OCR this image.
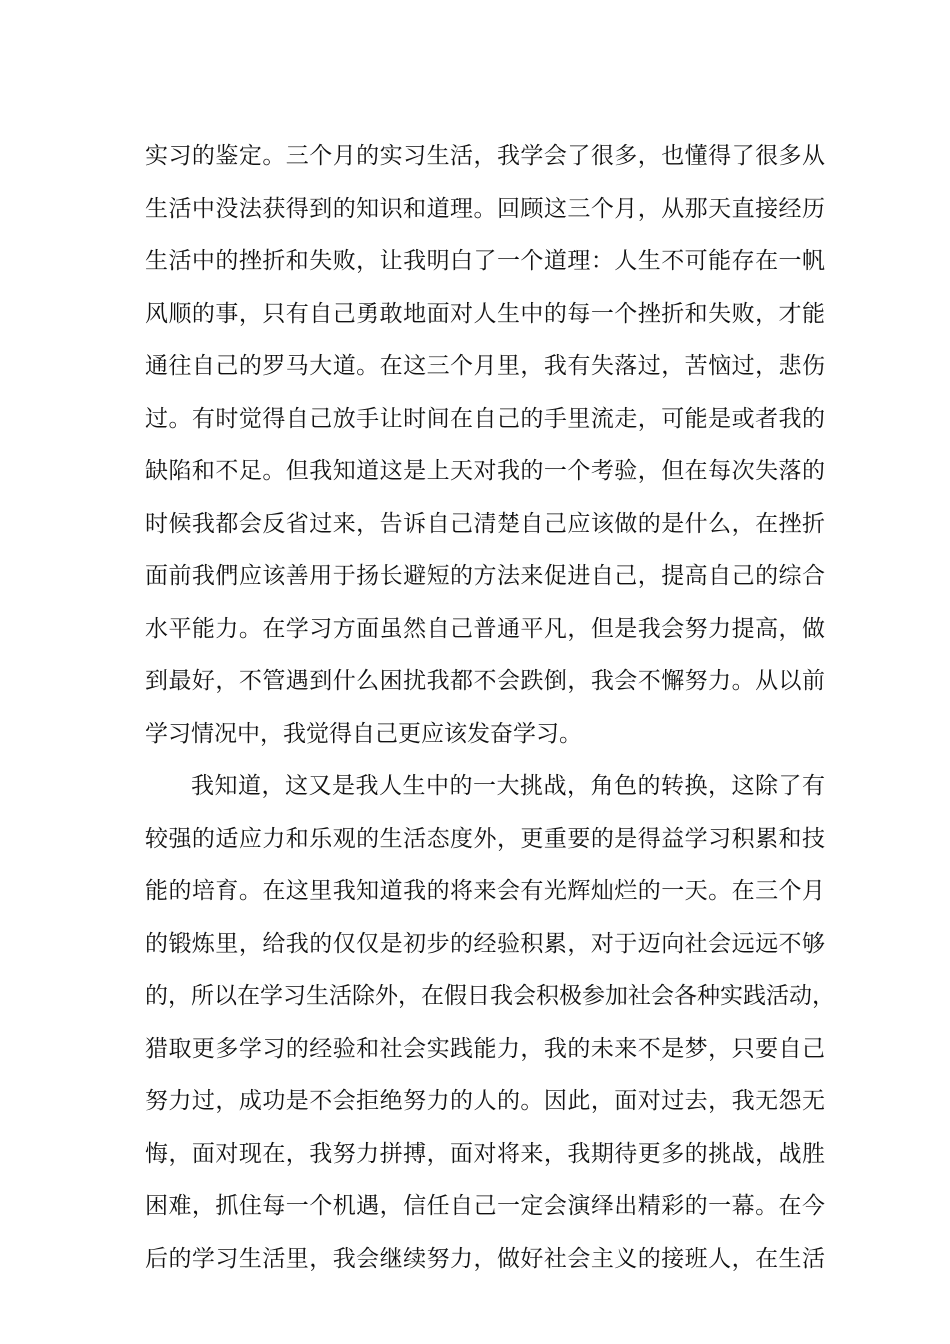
实习的鉴定。三个月的实习生活，我学会了很多，也懂得了很多从
生活中没法获得到的知识和道理。回顾这三个月，从那天直接经历
生活中的挫折和失败，让我明白了一个道理：人生不可能存在一帆
风顺的事，只有自己勇敢地面对人生中的每一个挫折和失败，才能
通往自己的罗马大道。在这三个月里，我有失落过，苦恼过，悲伤
过。有时觉得自己放手让时间在自己的手里流走，可能是或者我的
缺陷和不足。但我知道这是上天对我的一个考验，但在每次失落的
时候我都会反省过来，告诉自己清楚自己应该做的是什么，在挫折
面前我們应该善用于扬长避短的方法来促进自己，提高自己的综合
水平能力。在学习方面虽然自己普通平凡，但是我会努力提高，做
到最好，不管遇到什么困扰我都不会跌倒，我会不懈努力。从以前
学习情况中，我觉得自己更应该发奋学习。
我知道，这又是我人生中的一大挑战，角色的转换，这除了有
较强的适应力和乐观的生活态度外，更重要的是得益学习积累和技
能的培育。在这里我知道我的将来会有光辉灿烂的一天。在三个月
的锻炼里，给我的仅仅是初步的经验积累，对于迈向社会远远不够
的，所以在学习生活除外，在假日我会积极参加社会各种实践活动，
猎取更多学习的经验和社会实践能力，我的未来不是梦，只要自己
努力过，成功是不会拒绝努力的人的。因此，面对过去，我无怨无
悔，面对现在，我努力拼搏，面对将来，我期待更多的挑战，战胜
困难，抓住每一个机遇，信任自己一定会演绎出精彩的一幕。在今
后的学习生活里，我会继续努力，做好社会主义的接班人，在生活
